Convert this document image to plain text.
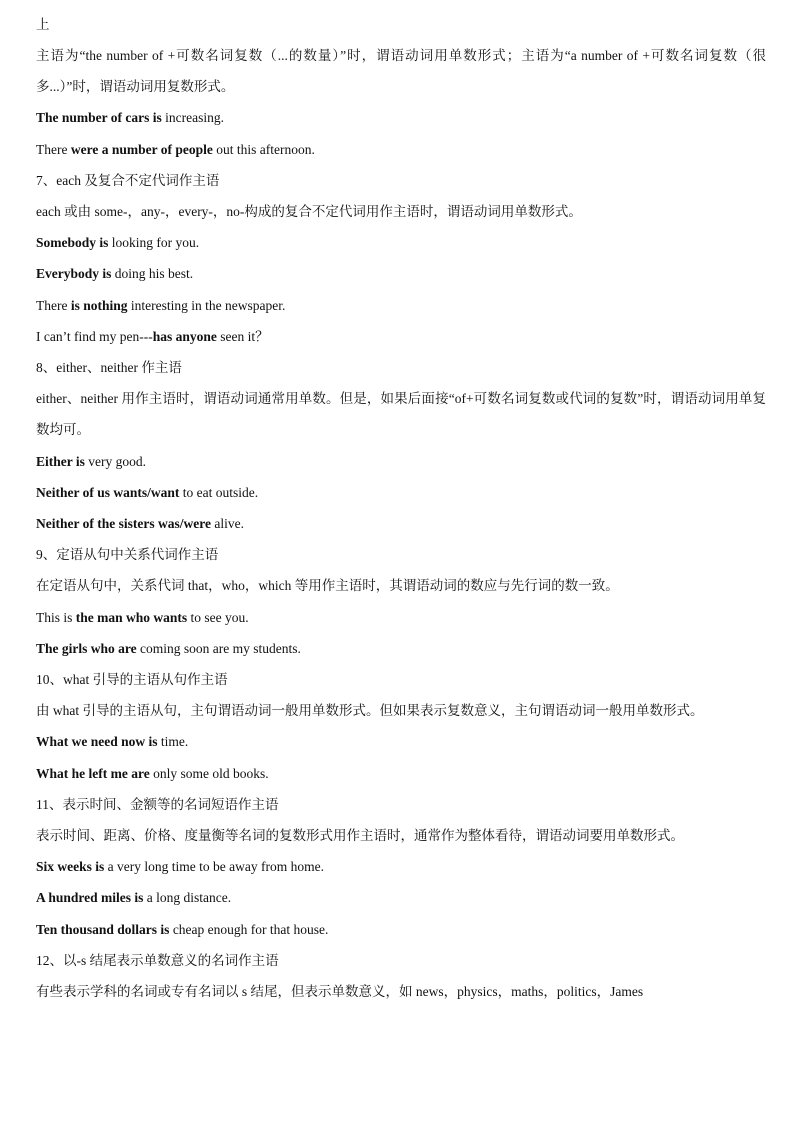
上
主语为“the number of +可数名词复数（...的数量）”时，谓语动词用单数形式；主语为“a number of +可数名词复数（很多...）”时，谓语动词用复数形式。
The number of cars is increasing.
There were a number of people out this afternoon.
7、each 及复合不定代词作主语
each 或由 some-，any-，every-，no-构成的复合不定代词用作主语时，谓语动词用单数形式。
Somebody is looking for you.
Everybody is doing his best.
There is nothing interesting in the newspaper.
I can’t find my pen---has anyone seen it？
8、either、neither 作主语
either、neither 用作主语时，谓语动词通常用单数。但是，如果后面接“of+可数名词复数或代词的复数”时，谓语动词用单复数均可。
Either is very good.
Neither of us wants/want to eat outside.
Neither of the sisters was/were alive.
9、定语从句中关系代词作主语
在定语从句中，关系代词 that，who，which 等用作主语时，其谓语动词的数应与先行词的数一致。
This is the man who wants to see you.
The girls who are coming soon are my students.
10、what 引导的主语从句作主语
由 what 引导的主语从句，主句谓语动词一般用单数形式。但如果表示复数意义，主句谓语动词一般用单数形式。
What we need now is time.
What he left me are only some old books.
11、表示时间、金额等的名词短语作主语
表示时间、距离、价格、度量衡等名词的复数形式用作主语时，通常作为整体看待，谓语动词要用单数形式。
Six weeks is a very long time to be away from home.
A hundred miles is a long distance.
Ten thousand dollars is cheap enough for that house.
12、以-s 结尾表示单数意义的名词作主语
有些表示学科的名词或专有名词以 s 结尾，但表示单数意义，如 news，physics，maths，politics，James
